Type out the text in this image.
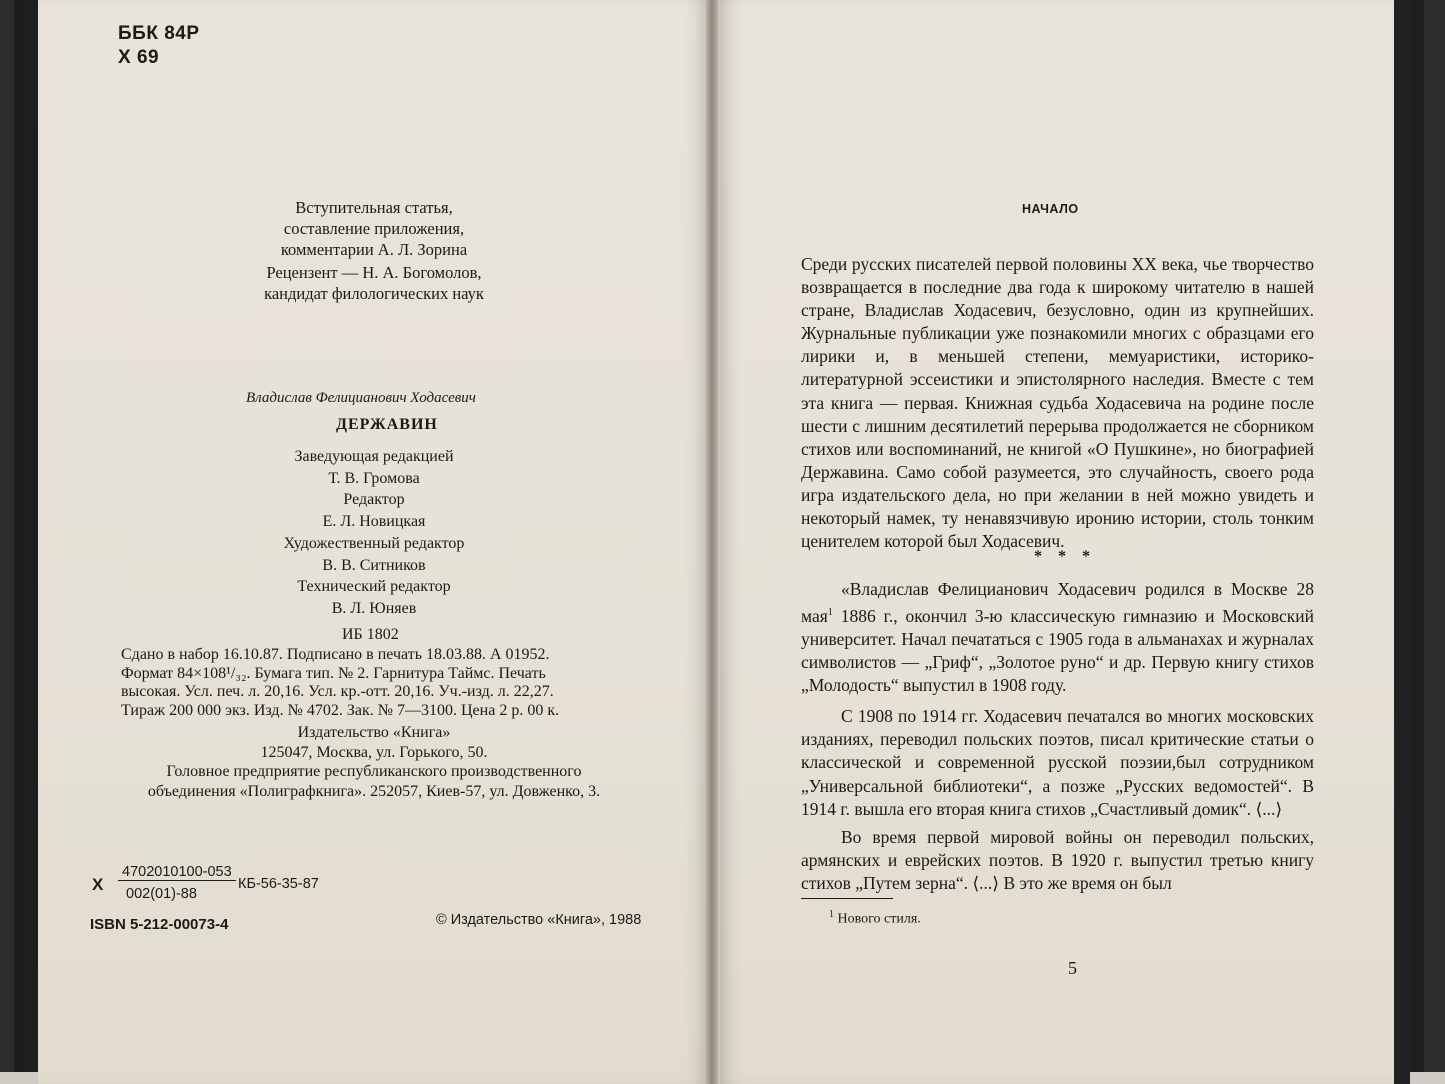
ББК 84Р
Х 69
Вступительная статья,
составление приложения,
комментарии А. Л. Зорина
Рецензент — Н. А. Богомолов,
кандидат филологических наук
Владислав Фелицианович Ходасевич
ДЕРЖАВИН
Заведующая редакцией
Т. В. Громова
Редактор
Е. Л. Новицкая
Художественный редактор
В. В. Ситников
Технический редактор
В. Л. Юняев
ИБ 1802
Сдано в набор 16.10.87. Подписано в печать 18.03.88. А 01952.
Формат 84×108¹/₃₂. Бумага тип. № 2. Гарнитура Таймс. Печать
высокая. Усл. печ. л. 20,16. Усл. кр.-отт. 20,16. Уч.-изд. л. 22,27.
Тираж 200 000 экз. Изд. № 4702. Зак. № 7—3100. Цена 2 р. 00 к.
Издательство «Книга»
125047, Москва, ул. Горького, 50.
Головное предприятие республиканского производственного
объединения «Полиграфкнига». 252057, Киев-57, ул. Довженко, 3.
Х
4702010100-053
002(01)-88
КБ-56-35-87
ISBN 5-212-00073-4	© Издательство «Книга», 1988
НАЧАЛО

Среди русских писателей первой половины XX века, чье творчество возвращается в последние два года к широкому читателю в нашей стране, Владислав Ходасевич, безусловно, один из крупнейших. Журнальные публикации уже познакомили многих с образцами его лирики и, в меньшей степени, мемуаристики, историко-литературной эссеистики и эпистолярного наследия. Вместе с тем эта книга — первая. Книжная судьба Ходасевича на родине после шести с лишним десятилетий перерыва продолжается не сборником стихов или воспоминаний, не книгой «О Пушкине», но биографией Державина. Само собой разумеется, это случайность, своего рода игра издательского дела, но при желании в ней можно увидеть и некоторый намек, ту ненавязчивую иронию истории, столь тонким ценителем которой был Ходасевич.

* * *

«Владислав Фелицианович Ходасевич родился в Москве 28 мая$^1$ 1886 г., окончил 3-ю классическую гимназию и Московский университет. Начал печататься с 1905 года в альманахах и журналах символистов — „Гриф“, „Золотое руно“ и др. Первую книгу стихов „Молодость“ выпустил в 1908 году.

С 1908 по 1914 гг. Ходасевич печатался во многих московских изданиях, переводил польских поэтов, писал критические статьи о классической и современной русской поэзии,был сотрудником „Универсальной библиотеки“, а позже „Русских ведомостей“. В 1914 г. вышла его вторая книга стихов „Счастливый домик“. ⟨...⟩

Во время первой мировой войны он переводил польских, армянских и еврейских поэтов. В 1920 г. выпустил третью книгу стихов „Путем зерна“. ⟨...⟩ В это же время он был

$^1$ Нового стиля.
5
